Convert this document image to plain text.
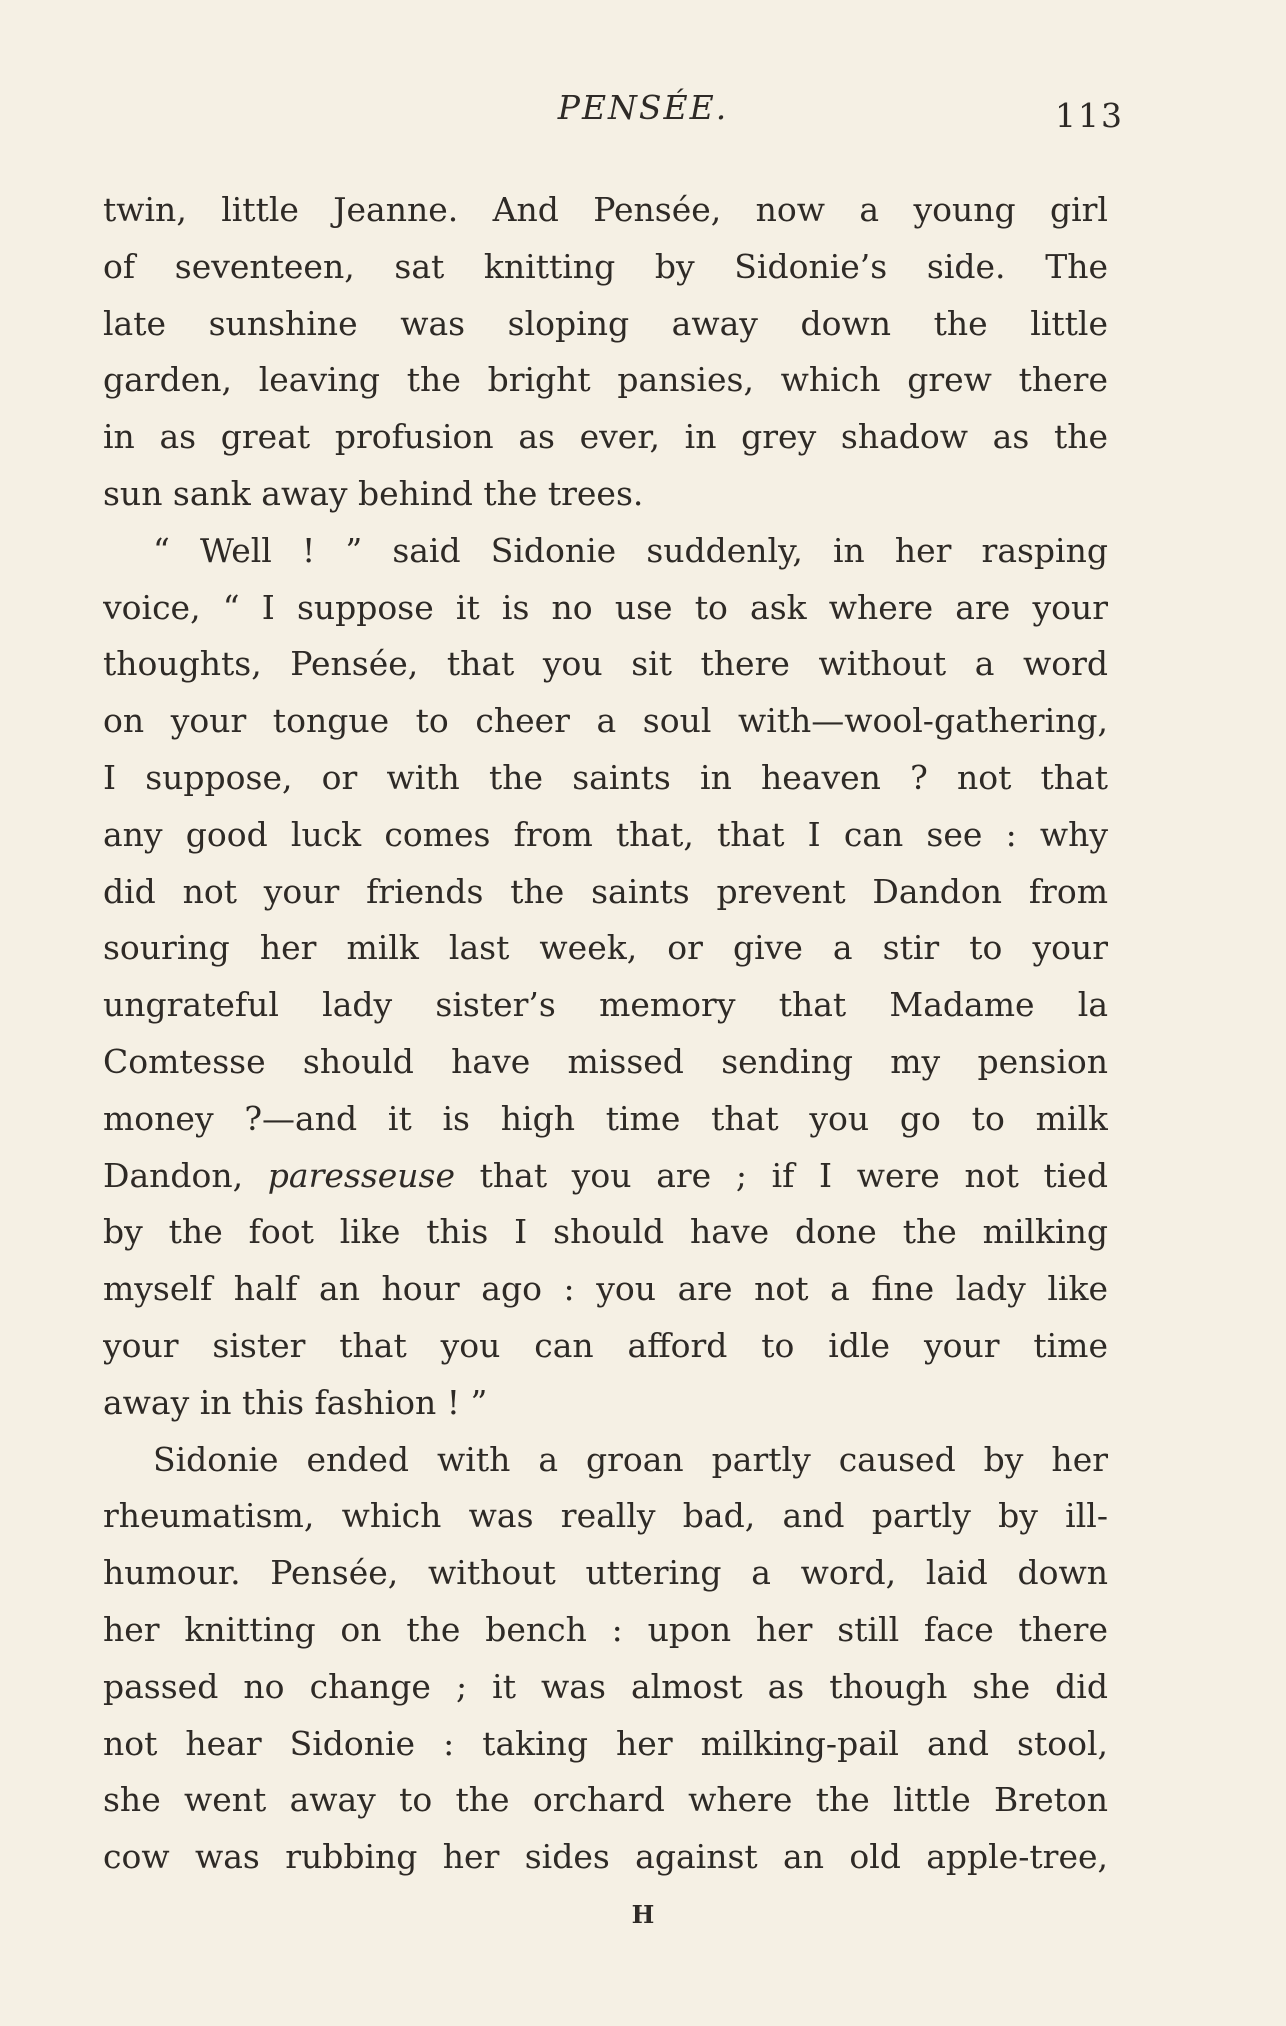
PENSÉE.	113
twin, little Jeanne. And Pensée, now a young girl
of seventeen, sat knitting by Sidonie’s side. The
late sunshine was sloping away down the little
garden, leaving the bright pansies, which grew there
in as great profusion as ever, in grey shadow as the
sun sank away behind the trees.
“ Well ! ” said Sidonie suddenly, in her rasping
voice, “ I suppose it is no use to ask where are your
thoughts, Pensée, that you sit there without a word
on your tongue to cheer a soul with—wool-gathering,
I suppose, or with the saints in heaven ? not that
any good luck comes from that, that I can see : why
did not your friends the saints prevent Dandon from
souring her milk last week, or give a stir to your
ungrateful lady sister’s memory that Madame la
Comtesse should have missed sending my pension
money ?—and it is high time that you go to milk
Dandon, paresseuse that you are ; if I were not tied
by the foot like this I should have done the milking
myself half an hour ago : you are not a fine lady like
your sister that you can afford to idle your time
away in this fashion ! ”
Sidonie ended with a groan partly caused by her
rheumatism, which was really bad, and partly by ill-
humour. Pensée, without uttering a word, laid down
her knitting on the bench : upon her still face there
passed no change ; it was almost as though she did
not hear Sidonie : taking her milking-pail and stool,
she went away to the orchard where the little Breton
cow was rubbing her sides against an old apple-tree,
H
